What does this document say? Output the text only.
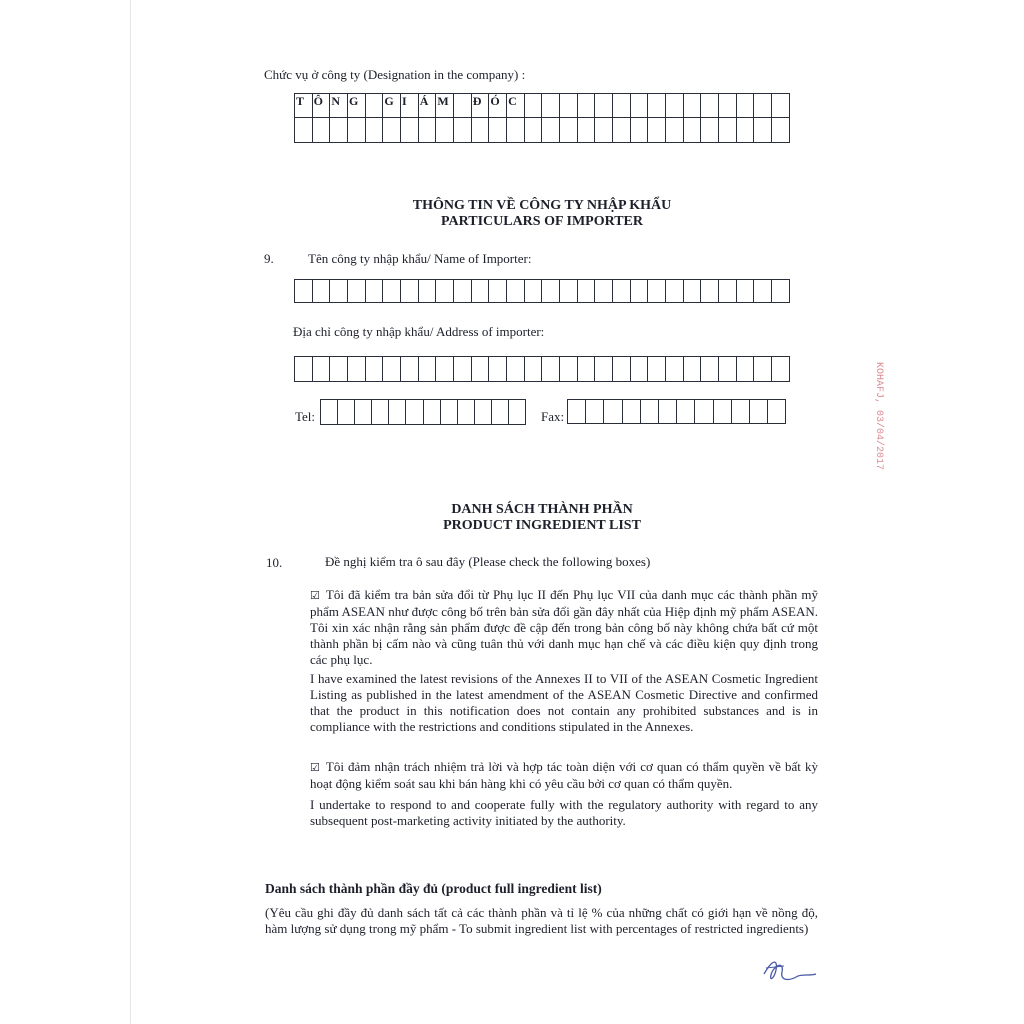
Chức vụ ở công ty (Designation in the company) :
T Ô N G	G I	Á M	Đ Ó C
THÔNG TIN VỀ CÔNG TY NHẬP KHẨU
PARTICULARS OF IMPORTER
9.	Tên công ty nhập khẩu/ Name of Importer:
Địa chỉ công ty nhập khẩu/ Address of importer:
Tel:	Fax:
DANH SÁCH THÀNH PHẦN
PRODUCT INGREDIENT LIST
10.	Đề nghị kiểm tra ô sau đây (Please check the following boxes)
☑ Tôi đã kiểm tra bản sửa đổi từ Phụ lục II đến Phụ lục VII của danh mục các thành phần mỹ phẩm ASEAN như được công bố trên bản sửa đổi gần đây nhất của Hiệp định mỹ phẩm ASEAN. Tôi xin xác nhận rằng sản phẩm được đề cập đến trong bản công bố này không chứa bất cứ một thành phần bị cấm nào và cũng tuân thủ với danh mục hạn chế và các điều kiện quy định trong các phụ lục.
I have examined the latest revisions of the Annexes II to VII of the ASEAN Cosmetic Ingredient Listing as published in the latest amendment of the ASEAN Cosmetic Directive and confirmed that the product in this notification does not contain any prohibited substances and is in compliance with the restrictions and conditions stipulated in the Annexes.
☑ Tôi đảm nhận trách nhiệm trả lời và hợp tác toàn diện với cơ quan có thẩm quyền về bất kỳ hoạt động kiểm soát sau khi bán hàng khi có yêu cầu bởi cơ quan có thẩm quyền.
I undertake to respond to and cooperate fully with the regulatory authority with regard to any subsequent post-marketing activity initiated by the authority.
Danh sách thành phần đầy đủ (product full ingredient list)
(Yêu cầu ghi đầy đủ danh sách tất cả các thành phần và tỉ lệ % của những chất có giới hạn về nồng độ, hàm lượng sử dụng trong mỹ phẩm - To submit ingredient list with percentages of restricted ingredients)
KOHAFJ, 03/04/2017
